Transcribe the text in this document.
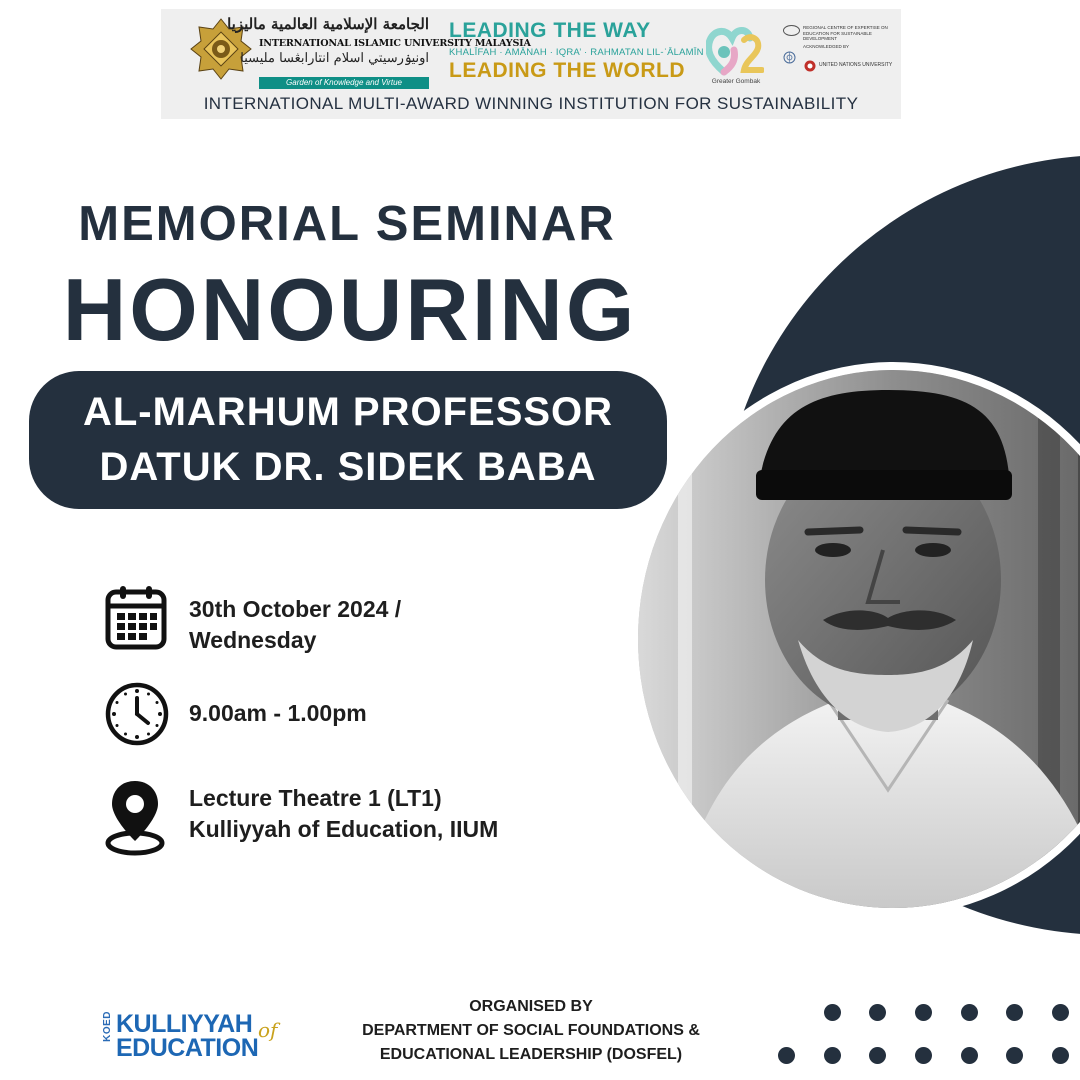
الجامعة الإسلامية العالمية ماليزيا
INTERNATIONAL ISLAMIC UNIVERSITY MALAYSIA
اونيۏرسيتي اسلام انتارابڠسا مليسيا
Garden of Knowledge and Virtue
LEADING THE WAY
KHALĪFAH · AMĀNAH · IQRA’ · RAHMATAN LIL-ʿĀLAMĪN
LEADING THE WORLD	Greater Gombak
REGIONAL CENTRE OF EXPERTISE ON EDUCATION FOR SUSTAINABLE DEVELOPMENT
ACKNOWLEDGED BY
UNITED NATIONS UNIVERSITY
INTERNATIONAL MULTI-AWARD WINNING INSTITUTION FOR SUSTAINABILITY
MEMORIAL SEMINAR
HONOURING
AL-MARHUM PROFESSOR
DATUK DR. SIDEK BABA
30th October 2024 /
Wednesday
9.00am - 1.00pm
Lecture Theatre 1 (LT1)
Kulliyyah of Education, IIUM
KOED KULLIYYAH of
EDUCATION
ORGANISED BY
DEPARTMENT OF SOCIAL FOUNDATIONS &
EDUCATIONAL LEADERSHIP (DOSFEL)
